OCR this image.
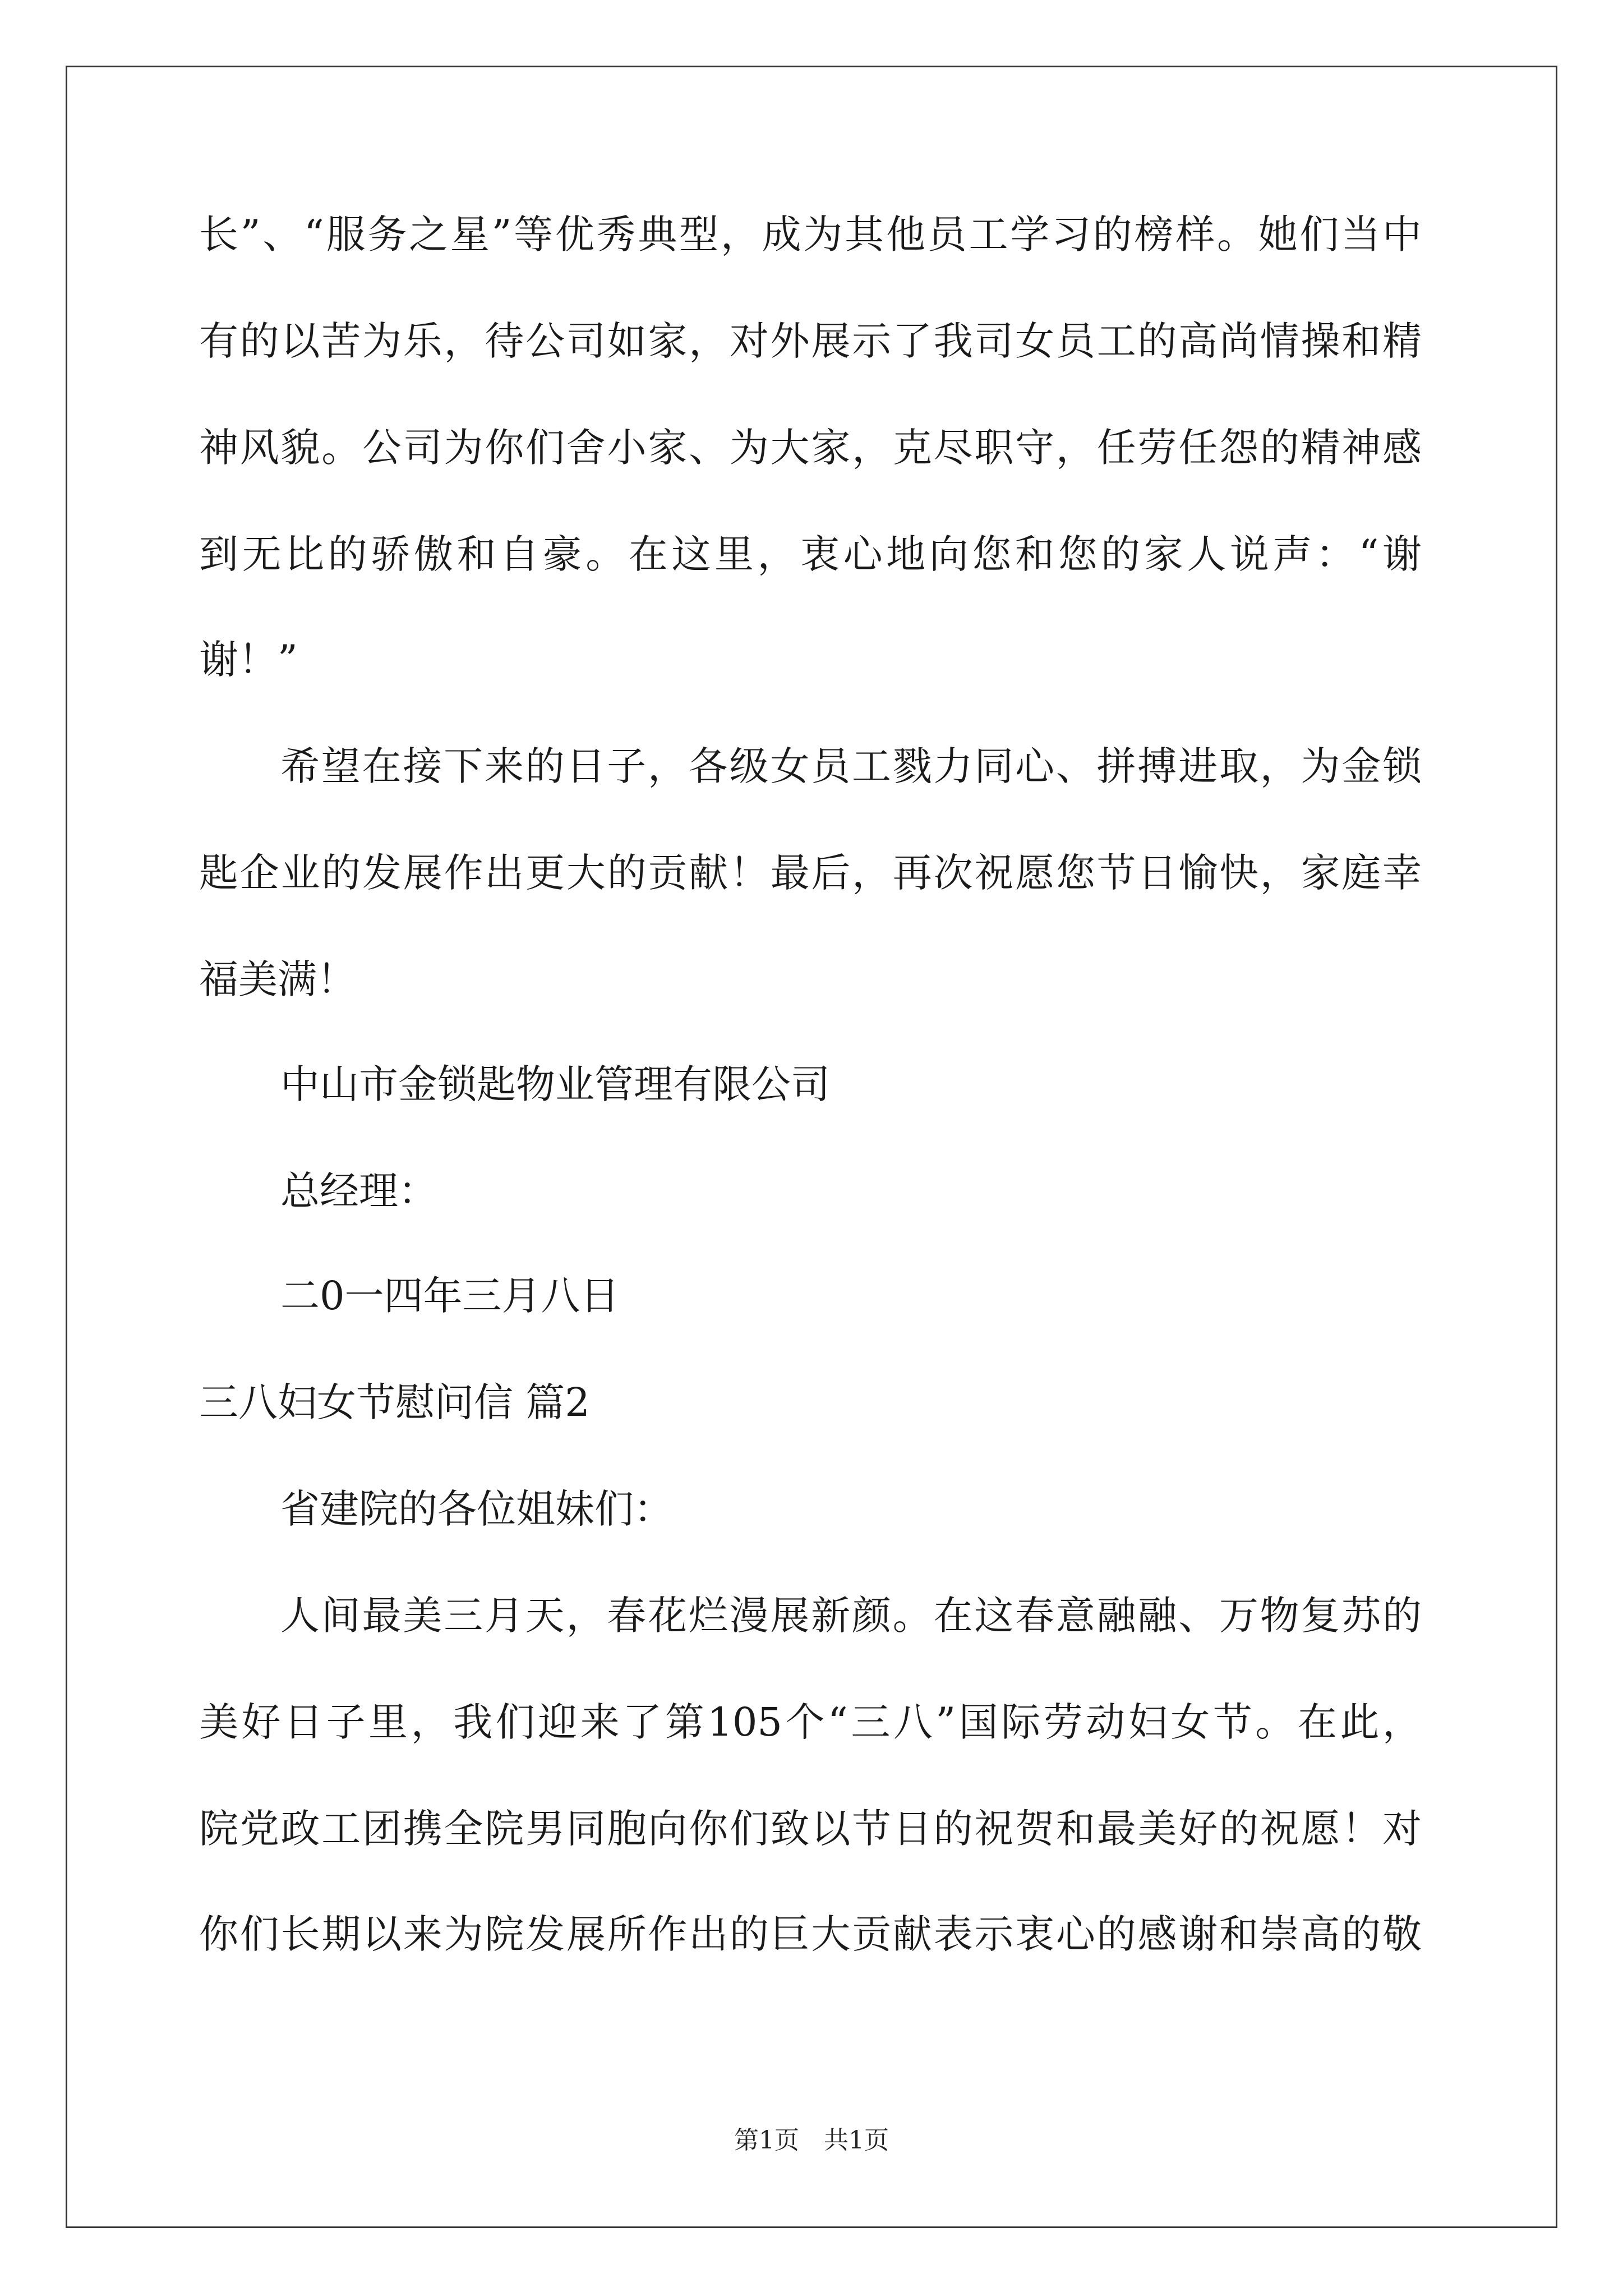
长”、“服务之星”等优秀典型，成为其他员工学习的榜样。她们当中
有的以苦为乐，待公司如家，对外展示了我司女员工的高尚情操和精
神风貌。公司为你们舍小家、为大家，克尽职守，任劳任怨的精神感
到无比的骄傲和自豪。在这里，衷心地向您和您的家人说声：“谢
谢！”
希望在接下来的日子，各级女员工戮力同心、拼搏进取，为金锁
匙企业的发展作出更大的贡献！最后，再次祝愿您节日愉快，家庭幸
福美满！
中山市金锁匙物业管理有限公司
总经理：
二0一四年三月八日
三八妇女节慰问信 篇2
省建院的各位姐妹们：
人间最美三月天，春花烂漫展新颜。在这春意融融、万物复苏的
美好日子里，我们迎来了第105个“三八”国际劳动妇女节。在此，
院党政工团携全院男同胞向你们致以节日的祝贺和最美好的祝愿！对
你们长期以来为院发展所作出的巨大贡献表示衷心的感谢和崇高的敬
第1页　共1页
